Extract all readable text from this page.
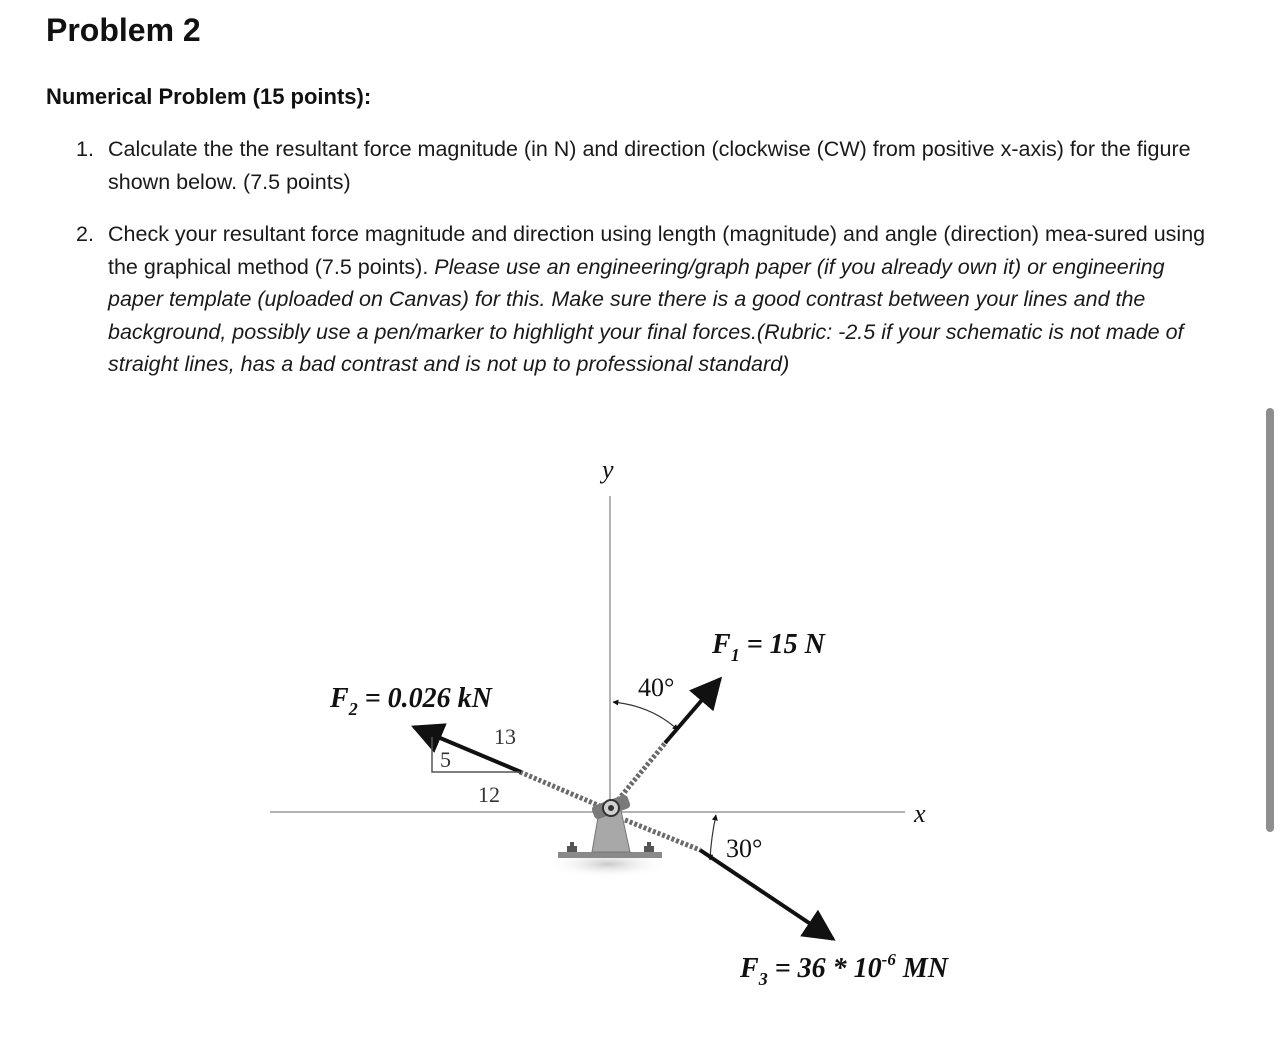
Problem 2
Numerical Problem (15 points):
1. Calculate the the resultant force magnitude (in N) and direction (clockwise (CW) from positive x-axis) for the figure shown below. (7.5 points)
2. Check your resultant force magnitude and direction using length (magnitude) and angle (direction) mea-sured using the graphical method (7.5 points). Please use an engineering/graph paper (if you already own it) or engineering paper template (uploaded on Canvas) for this. Make sure there is a good contrast between your lines and the background, possibly use a pen/marker to highlight your final forces.(Rubric: -2.5 if your schematic is not made of straight lines, has a bad contrast and is not up to professional standard)
y
x
13
5
12
40°
30°
$F_1 = 15$ N
$F_2 = 0.026$ kN
$F_3 = 36 * 10^{-6}$ MN
